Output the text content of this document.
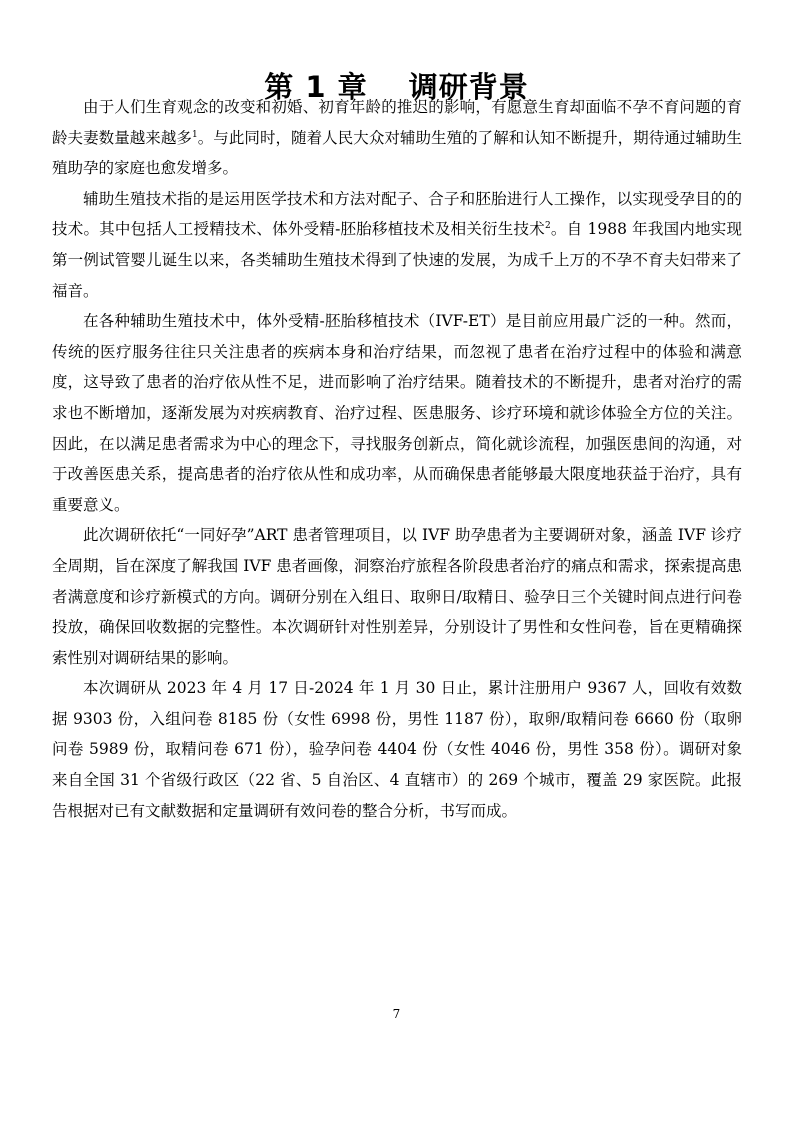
第 1 章　 调研背景

由于人们生育观念的改变和初婚、初育年龄的推迟的影响，有愿意生育却面临不孕不育问题的育龄夫妻数量越来越多$^1$。与此同时，随着人民大众对辅助生殖的了解和认知不断提升，期待通过辅助生殖助孕的家庭也愈发增多。

辅助生殖技术指的是运用医学技术和方法对配子、合子和胚胎进行人工操作，以实现受孕目的的技术。其中包括人工授精技术、体外受精-胚胎移植技术及相关衍生技术$^2$。自 1988 年我国内地实现第一例试管婴儿诞生以来，各类辅助生殖技术得到了快速的发展，为成千上万的不孕不育夫妇带来了福音。

在各种辅助生殖技术中，体外受精-胚胎移植技术（IVF-ET）是目前应用最广泛的一种。然而，传统的医疗服务往往只关注患者的疾病本身和治疗结果，而忽视了患者在治疗过程中的体验和满意度，这导致了患者的治疗依从性不足，进而影响了治疗结果。随着技术的不断提升，患者对治疗的需求也不断增加，逐渐发展为对疾病教育、治疗过程、医患服务、诊疗环境和就诊体验全方位的关注。因此，在以满足患者需求为中心的理念下，寻找服务创新点，简化就诊流程，加强医患间的沟通，对于改善医患关系，提高患者的治疗依从性和成功率，从而确保患者能够最大限度地获益于治疗，具有重要意义。

此次调研依托“一同好孕”ART 患者管理项目，以 IVF 助孕患者为主要调研对象，涵盖 IVF 诊疗全周期，旨在深度了解我国 IVF 患者画像，洞察治疗旅程各阶段患者治疗的痛点和需求，探索提高患者满意度和诊疗新模式的方向。调研分别在入组日、取卵日/取精日、验孕日三个关键时间点进行问卷投放，确保回收数据的完整性。本次调研针对性别差异，分别设计了男性和女性问卷，旨在更精确探索性别对调研结果的影响。

本次调研从 2023 年 4 月 17 日-2024 年 1 月 30 日止，累计注册用户 9367 人，回收有效数据 9303 份，入组问卷 8185 份（女性 6998 份，男性 1187 份），取卵/取精问卷 6660 份（取卵问卷 5989 份，取精问卷 671 份），验孕问卷 4404 份（女性 4046 份，男性 358 份）。调研对象来自全国 31 个省级行政区（22 省、5 自治区、4 直辖市）的 269 个城市，覆盖 29 家医院。此报告根据对已有文献数据和定量调研有效问卷的整合分析，书写而成。

7
